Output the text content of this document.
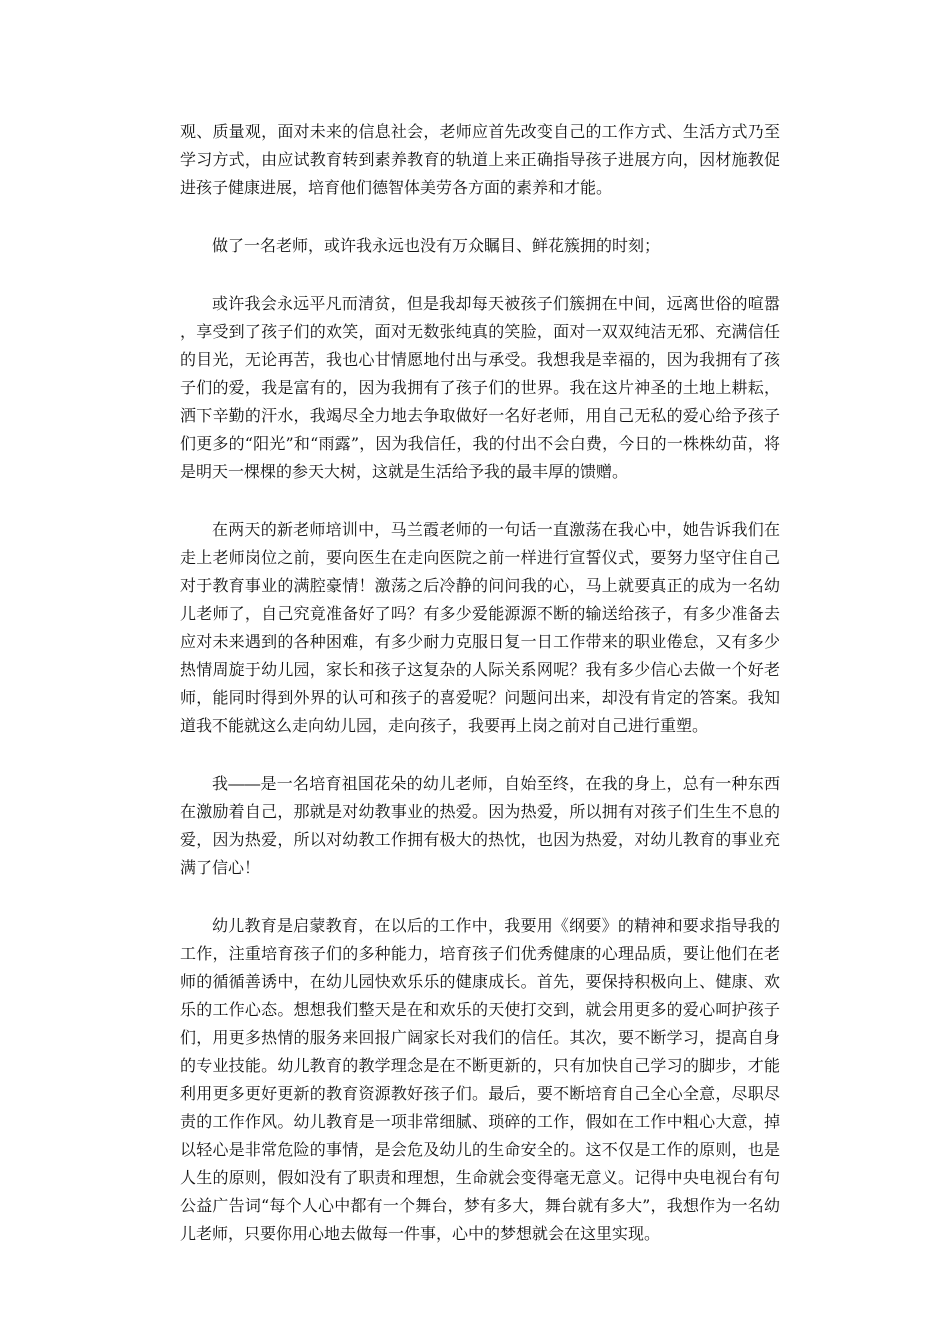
观、质量观，面对未来的信息社会，老师应首先改变自己的工作方式、生活方式乃至学习方式，由应试教育转到素养教育的轨道上来正确指导孩子进展方向，因材施教促进孩子健康进展，培育他们德智体美劳各方面的素养和才能。

做了一名老师，或许我永远也没有万众瞩目、鲜花簇拥的时刻；

或许我会永远平凡而清贫，但是我却每天被孩子们簇拥在中间，远离世俗的喧嚣，享受到了孩子们的欢笑，面对无数张纯真的笑脸，面对一双双纯洁无邪、充满信任的目光，无论再苦，我也心甘情愿地付出与承受。我想我是幸福的，因为我拥有了孩子们的爱，我是富有的，因为我拥有了孩子们的世界。我在这片神圣的土地上耕耘，洒下辛勤的汗水，我竭尽全力地去争取做好一名好老师，用自己无私的爱心给予孩子们更多的“阳光”和“雨露”，因为我信任，我的付出不会白费，今日的一株株幼苗，将是明天一棵棵的参天大树，这就是生活给予我的最丰厚的馈赠。

在两天的新老师培训中，马兰霞老师的一句话一直激荡在我心中，她告诉我们在走上老师岗位之前，要向医生在走向医院之前一样进行宣誓仪式，要努力坚守住自己对于教育事业的满腔豪情！激荡之后冷静的问问我的心，马上就要真正的成为一名幼儿老师了，自己究竟准备好了吗？有多少爱能源源不断的输送给孩子，有多少准备去应对未来遇到的各种困难，有多少耐力克服日复一日工作带来的职业倦怠，又有多少热情周旋于幼儿园，家长和孩子这复杂的人际关系网呢？我有多少信心去做一个好老师，能同时得到外界的认可和孩子的喜爱呢？问题问出来，却没有肯定的答案。我知道我不能就这么走向幼儿园，走向孩子，我要再上岗之前对自己进行重塑。

我――是一名培育祖国花朵的幼儿老师，自始至终，在我的身上，总有一种东西在激励着自己，那就是对幼教事业的热爱。因为热爱，所以拥有对孩子们生生不息的爱，因为热爱，所以对幼教工作拥有极大的热忱，也因为热爱，对幼儿教育的事业充满了信心！

幼儿教育是启蒙教育，在以后的工作中，我要用《纲要》的精神和要求指导我的工作，注重培育孩子们的多种能力，培育孩子们优秀健康的心理品质，要让他们在老师的循循善诱中，在幼儿园快欢乐乐的健康成长。首先，要保持积极向上、健康、欢乐的工作心态。想想我们整天是在和欢乐的天使打交到，就会用更多的爱心呵护孩子们，用更多热情的服务来回报广阔家长对我们的信任。其次，要不断学习，提高自身的专业技能。幼儿教育的教学理念是在不断更新的，只有加快自己学习的脚步，才能利用更多更好更新的教育资源教好孩子们。最后，要不断培育自己全心全意，尽职尽责的工作作风。幼儿教育是一项非常细腻、琐碎的工作，假如在工作中粗心大意，掉以轻心是非常危险的事情，是会危及幼儿的生命安全的。这不仅是工作的原则，也是人生的原则，假如没有了职责和理想，生命就会变得毫无意义。记得中央电视台有句公益广告词“每个人心中都有一个舞台，梦有多大，舞台就有多大”，我想作为一名幼儿老师，只要你用心地去做每一件事，心中的梦想就会在这里实现。
